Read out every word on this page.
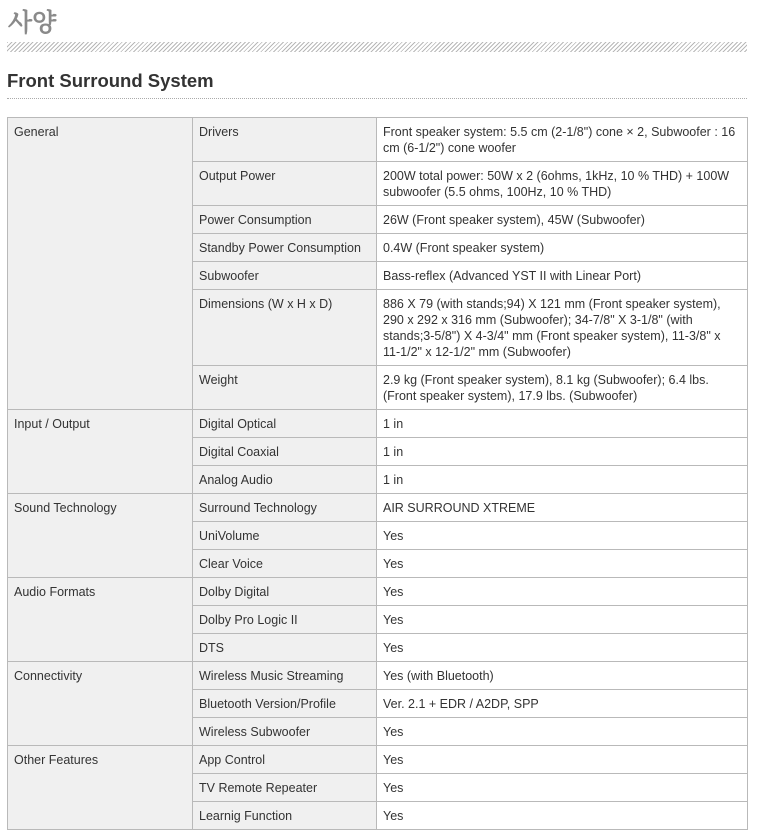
사양
Front Surround System
General	Drivers	Front speaker system: 5.5 cm (2-1/8") cone × 2, Subwoofer : 16 cm (6-1/2") cone woofer
	Output Power	200W total power: 50W x 2 (6ohms, 1kHz, 10 % THD) + 100W subwoofer (5.5 ohms, 100Hz, 10 % THD)
	Power Consumption	26W (Front speaker system), 45W (Subwoofer)
	Standby Power Consumption	0.4W (Front speaker system)
	Subwoofer	Bass-reflex (Advanced YST II with Linear Port)
	Dimensions (W x H x D)	886 X 79 (with stands;94) X 121 mm (Front speaker system), 290 x 292 x 316 mm (Subwoofer); 34-7/8" X 3-1/8" (with stands;3-5/8") X 4-3/4" mm (Front speaker system), 11-3/8" x 11-1/2" x 12-1/2" mm (Subwoofer)
	Weight	2.9 kg (Front speaker system), 8.1 kg (Subwoofer); 6.4 lbs. (Front speaker system), 17.9 lbs. (Subwoofer)
Input / Output	Digital Optical	1 in
	Digital Coaxial	1 in
	Analog Audio	1 in
Sound Technology	Surround Technology	AIR SURROUND XTREME
	UniVolume	Yes
	Clear Voice	Yes
Audio Formats	Dolby Digital	Yes
	Dolby Pro Logic II	Yes
	DTS	Yes
Connectivity	Wireless Music Streaming	Yes (with Bluetooth)
	Bluetooth Version/Profile	Ver. 2.1 + EDR / A2DP, SPP
	Wireless Subwoofer	Yes
Other Features	App Control	Yes
	TV Remote Repeater	Yes
	Learnig Function	Yes
